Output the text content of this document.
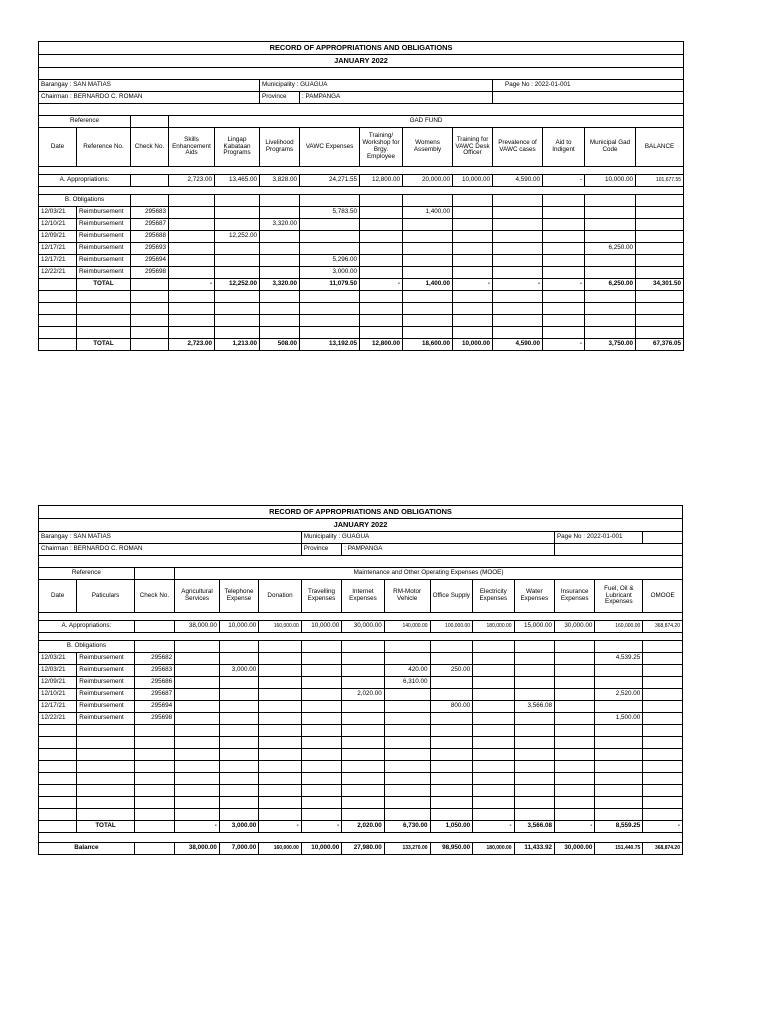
RECORD OF APPROPRIATIONS AND OBLIGATIONS													
JANUARY 2022													

Barangay : SAN MATIAS					Municipality : GUAGUA					Page No : 2022-01-001			
Chairman : BERNARDO C. ROMAN					Province	: PAMPANGA							

Reference			GAD FUND										
Date	Reference No.	Check No.	Skills Enhancement Aids	Lingap Kabataan Programs	Livelihood Programs	VAWC Expenses	Training/ Workshop for Brgy. Employee	Womens Assembly	Training for VAWC Desk Officer	Prevalence of VAWC cases	Aid to Indigent	Municipal Gad Code	BALANCE

A. Appropriations:			2,723.00	13,465.00	3,828.00	24,271.55	12,800.00	20,000.00	10,000.00	4,590.00	-	10,000.00	101,677.55

B. Obligations													
12/03/21	Reimbursement	295683				5,783.50		1,400.00					
12/10/21	Reimbursement	295687			3,320.00								
12/09/21	Reimbursement	295688		12,252.00									
12/17/21	Reimbursement	295693										6,250.00	
12/17/21	Reimbursement	295694				5,296.00							
12/22/21	Reimbursement	295698				3,000.00							
	TOTAL		-	12,252.00	3,320.00	11,079.50	-	1,400.00	-	-	-	6,250.00	34,301.50

	TOTAL		2,723.00	1,213.00	508.00	13,192.05	12,800.00	18,600.00	10,000.00	4,590.00	-	3,750.00	67,376.05
RECORD OF APPROPRIATIONS AND OBLIGATIONS														
JANUARY 2022														
Barangay : SAN MATIAS						Municipality : GUAGUA						Page No : 2022-01-001		
Chairman : BERNARDO C. ROMAN						Province	: PAMPANGA							

Reference			Maintenance and Other Operating Expenses (MOOE)											
Date	Paticulars	Check No.	Agricultural Services	Telephone Expense	Donation	Travelling Expenses	Internet Expenses	RM-Motor Vehicle	Office Supply	Electricity Expenses	Water Expenses	Insurance Expenses	Fuel, Oil & Lubricant Expenses	OMOOE

A. Appropriations:			38,000.00	10,000.00	160,000.00	10,000.00	30,000.00	140,000.00	100,000.00	180,000.00	15,000.00	30,000.00	160,000.00	368,874.20

B. Obligations														
12/03/21	Reimbursement	295682											4,539.25	
12/03/21	Reimbursement	295683		3,000.00				420.00	250.00					
12/09/21	Reimbursement	295686						6,310.00						
12/10/21	Reimbursement	295687					2,020.00						2,520.00	
12/17/21	Reimbursement	295694							800.00		3,566.08			
12/22/21	Reimbursement	295698											1,500.00	

	TOTAL		-	3,000.00	-	-	2,020.00	6,730.00	1,050.00	-	3,566.08	-	8,559.25	-

Balance			38,000.00	7,000.00	160,000.00	10,000.00	27,980.00	133,270.00	98,950.00	180,000.00	11,433.92	30,000.00	151,440.75	368,874.20
